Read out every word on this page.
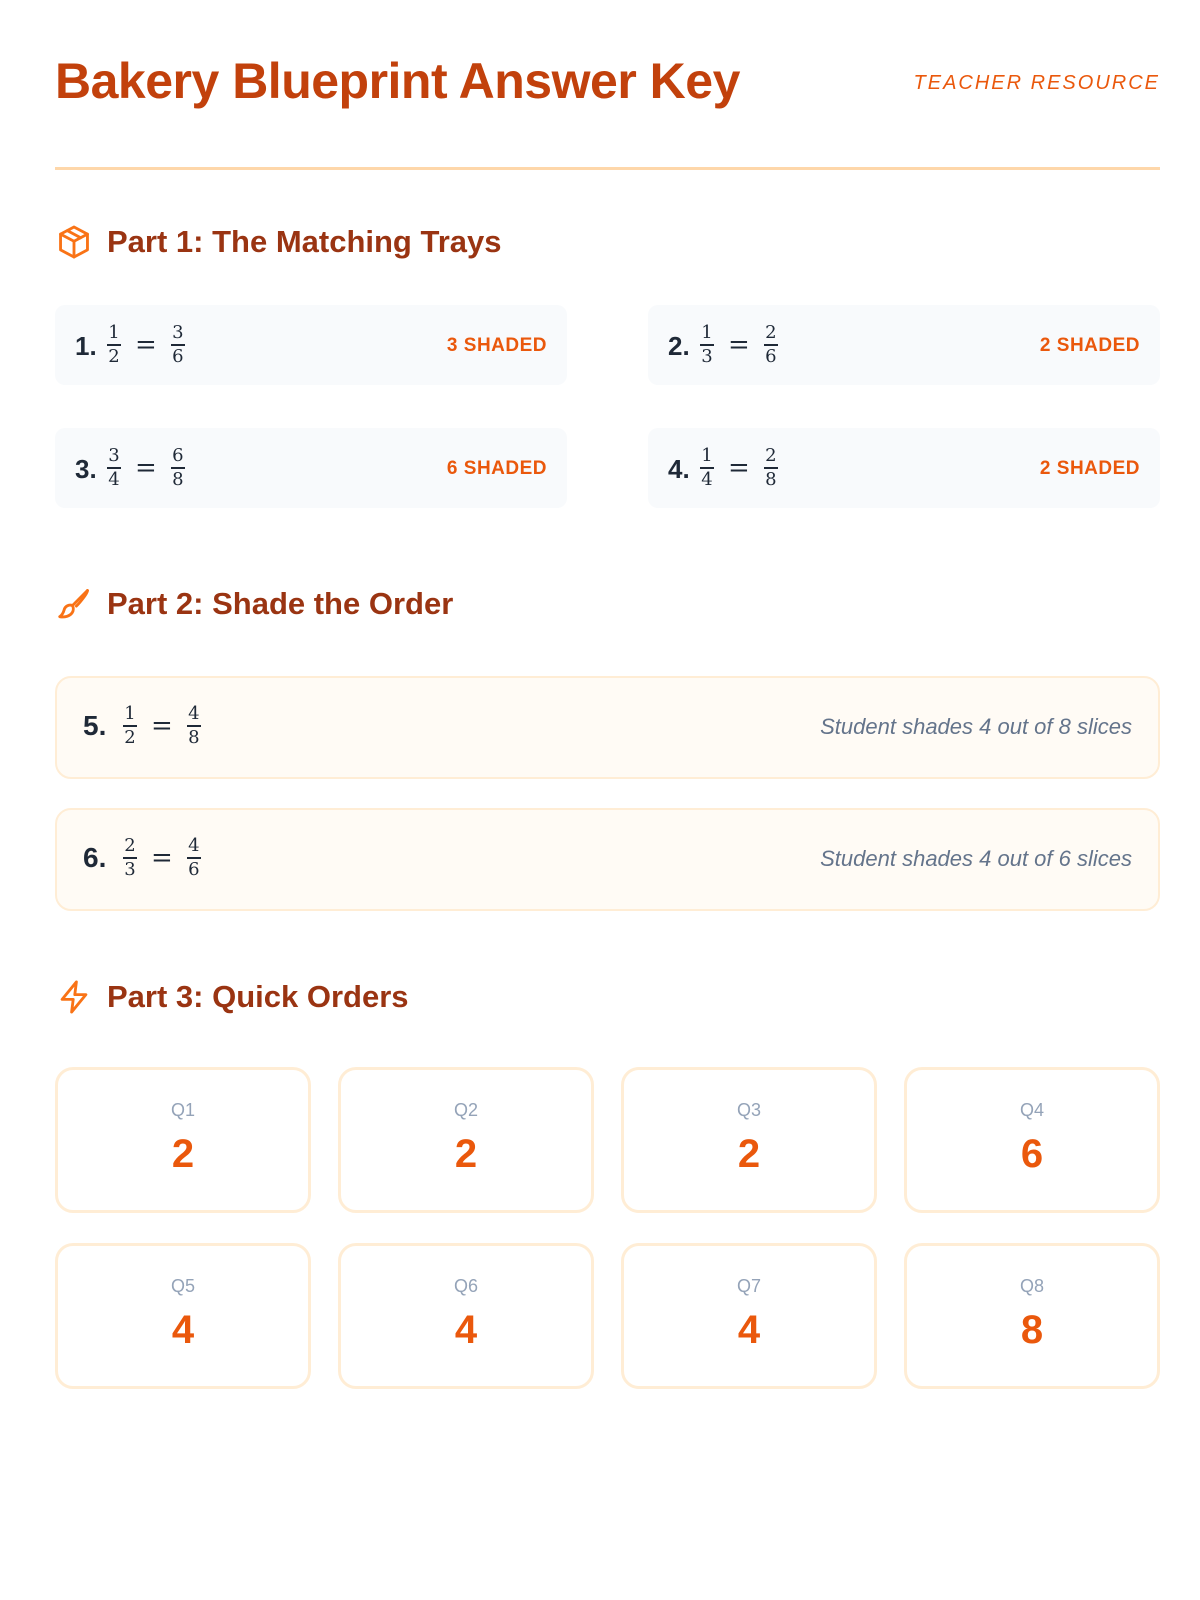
Bakery Blueprint Answer Key	TEACHER RESOURCE
Part 1: The Matching Trays
1. $\frac{1}{2} = \frac{3}{6}$	3 SHADED	2. $\frac{1}{3} = \frac{2}{6}$	2 SHADED
3. $\frac{3}{4} = \frac{6}{8}$	6 SHADED	4. $\frac{1}{4} = \frac{2}{8}$	2 SHADED
Part 2: Shade the Order
5. $\frac{1}{2} = \frac{4}{8}$	Student shades 4 out of 8 slices
6. $\frac{2}{3} = \frac{4}{6}$	Student shades 4 out of 6 slices
Part 3: Quick Orders
Q1
2
Q2
2
Q3
2
Q4
6
Q5
4
Q6
4
Q7
4
Q8
8
